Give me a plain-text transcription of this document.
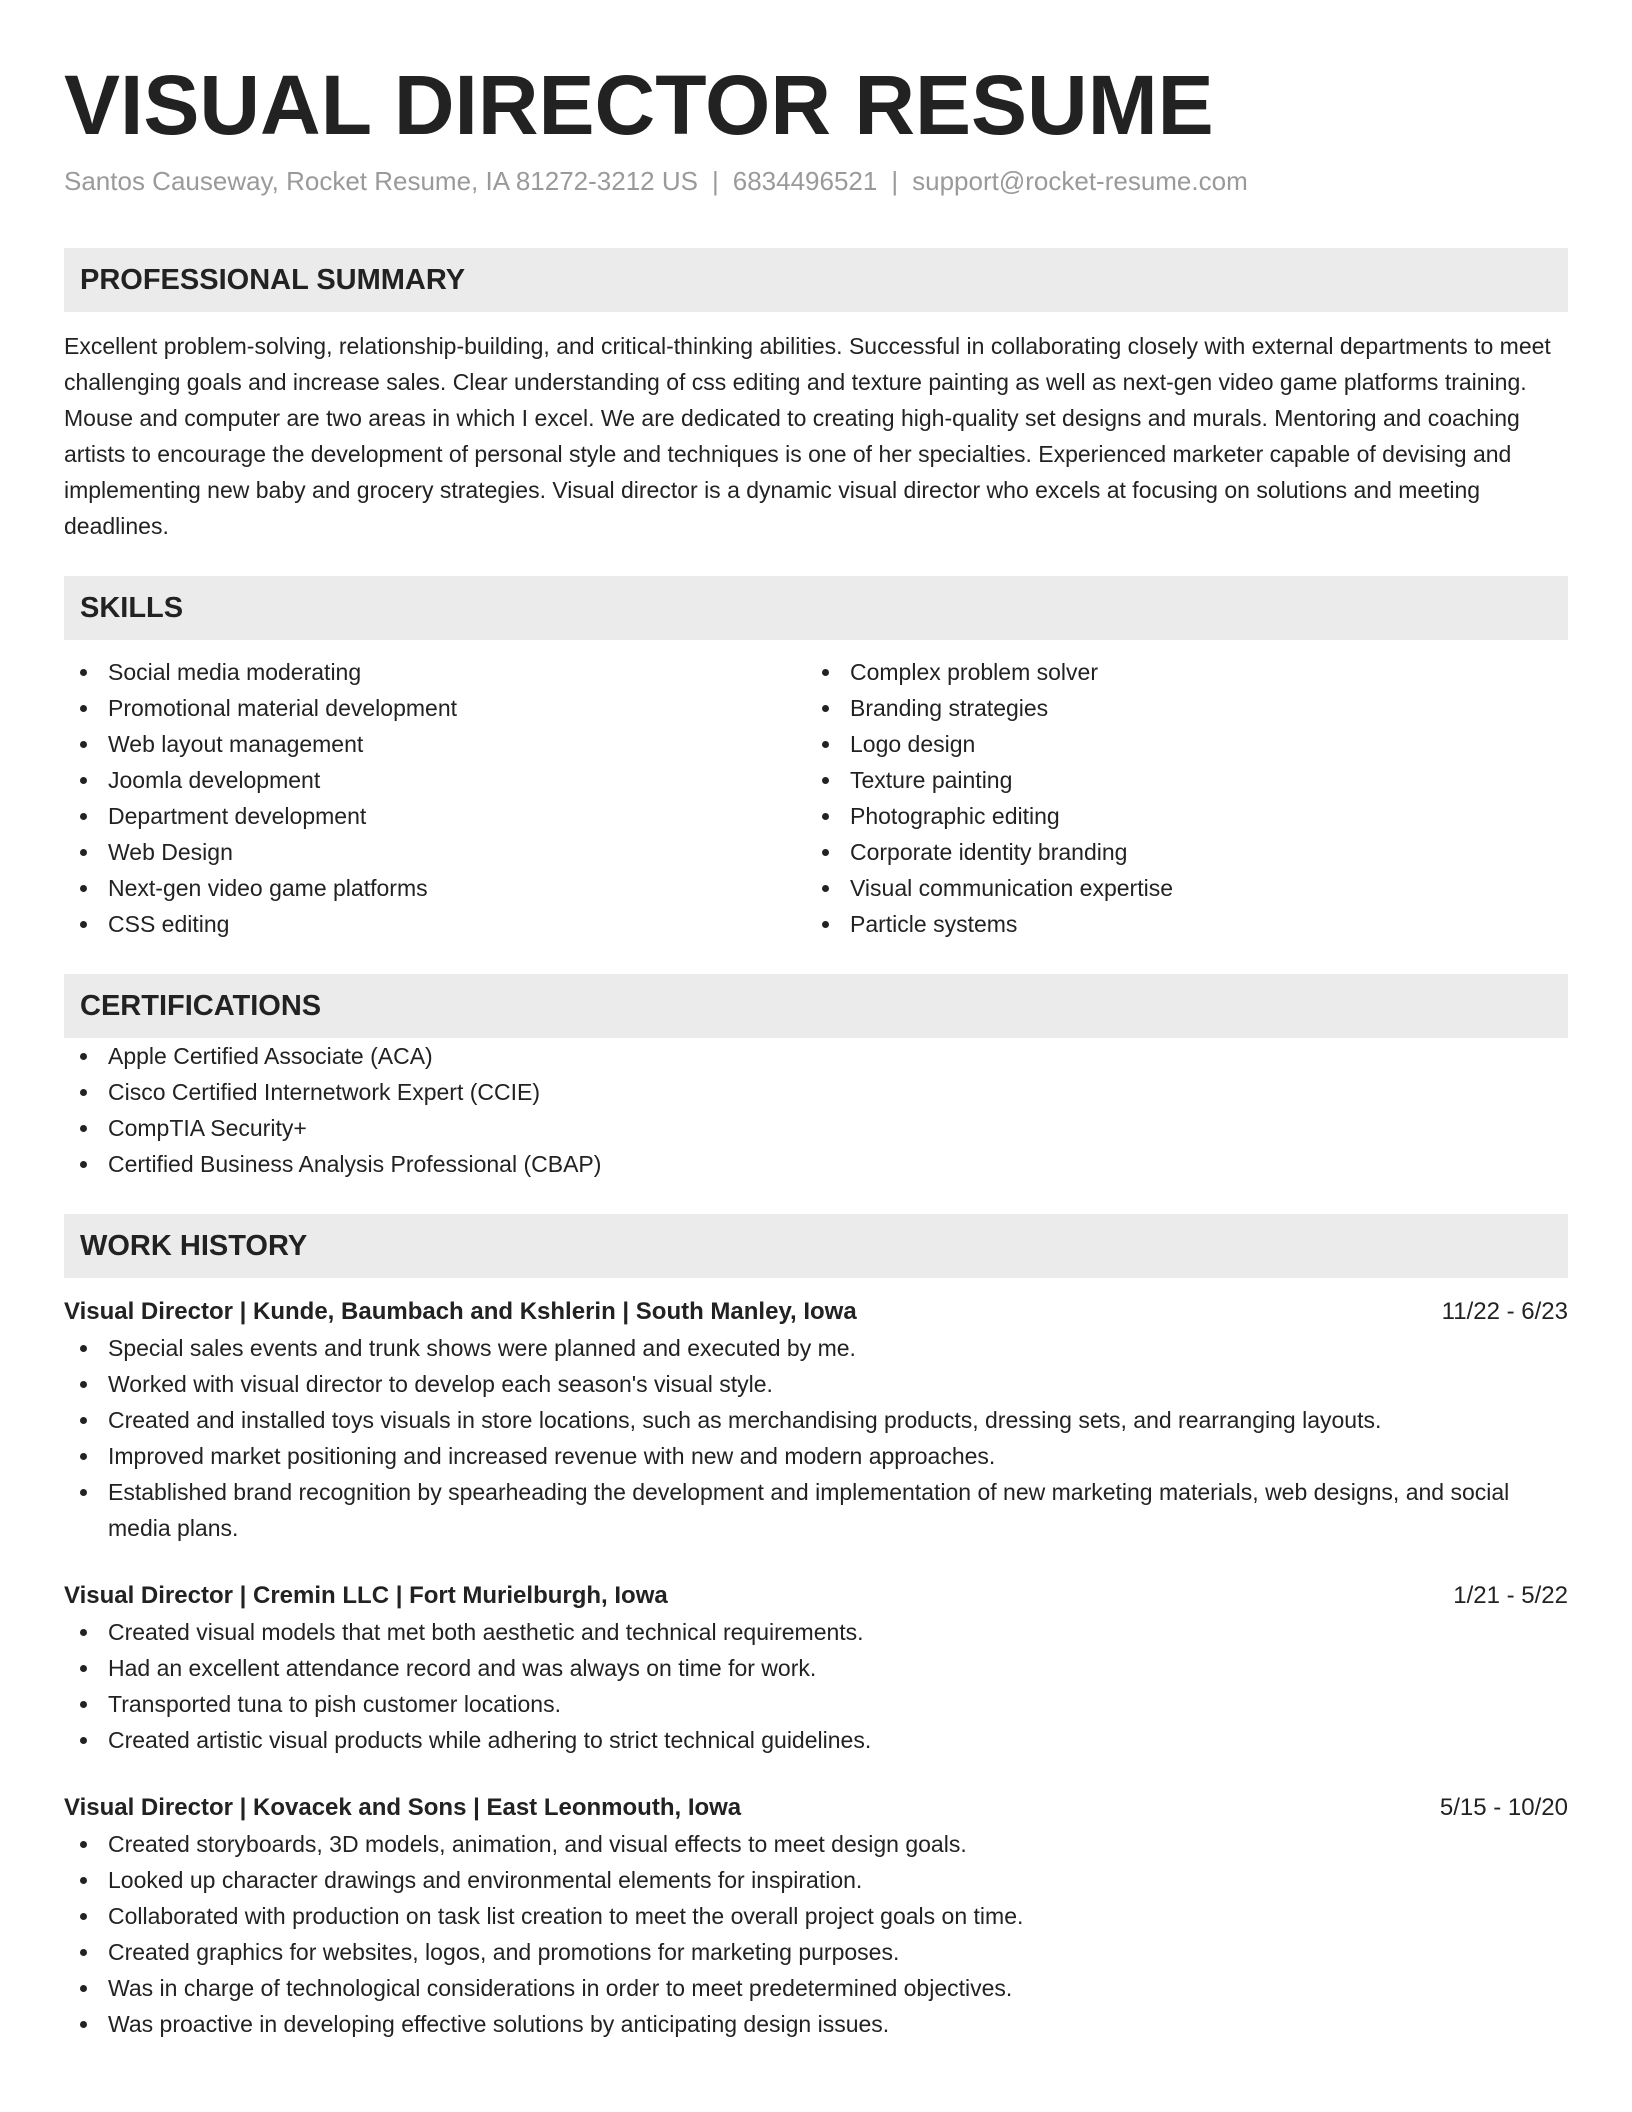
VISUAL DIRECTOR RESUME
Santos Causeway, Rocket Resume, IA 81272-3212 US | 6834496521 | support@rocket-resume.com
PROFESSIONAL SUMMARY

Excellent problem-solving, relationship-building, and critical-thinking abilities. Successful in collaborating closely with external departments to meet challenging goals and increase sales. Clear understanding of css editing and texture painting as well as next-gen video game platforms training. Mouse and computer are two areas in which I excel. We are dedicated to creating high-quality set designs and murals. Mentoring and coaching artists to encourage the development of personal style and techniques is one of her specialties. Experienced marketer capable of devising and implementing new baby and grocery strategies. Visual director is a dynamic visual director who excels at focusing on solutions and meeting deadlines.

SKILLS
Social media moderating
Promotional material development
Web layout management
Joomla development
Department development
Web Design
Next-gen video game platforms
CSS editing
Complex problem solver
Branding strategies
Logo design
Texture painting
Photographic editing
Corporate identity branding
Visual communication expertise
Particle systems
CERTIFICATIONS
Apple Certified Associate (ACA)
Cisco Certified Internetwork Expert (CCIE)
CompTIA Security+
Certified Business Analysis Professional (CBAP)
WORK HISTORY
Visual Director | Kunde, Baumbach and Kshlerin | South Manley, Iowa	11/22 - 6/23
Special sales events and trunk shows were planned and executed by me.
Worked with visual director to develop each season's visual style.
Created and installed toys visuals in store locations, such as merchandising products, dressing sets, and rearranging layouts.
Improved market positioning and increased revenue with new and modern approaches.
Established brand recognition by spearheading the development and implementation of new marketing materials, web designs, and social media plans.
Visual Director | Cremin LLC | Fort Murielburgh, Iowa	1/21 - 5/22
Created visual models that met both aesthetic and technical requirements.
Had an excellent attendance record and was always on time for work.
Transported tuna to pish customer locations.
Created artistic visual products while adhering to strict technical guidelines.
Visual Director | Kovacek and Sons | East Leonmouth, Iowa	5/15 - 10/20
Created storyboards, 3D models, animation, and visual effects to meet design goals.
Looked up character drawings and environmental elements for inspiration.
Collaborated with production on task list creation to meet the overall project goals on time.
Created graphics for websites, logos, and promotions for marketing purposes.
Was in charge of technological considerations in order to meet predetermined objectives.
Was proactive in developing effective solutions by anticipating design issues.
